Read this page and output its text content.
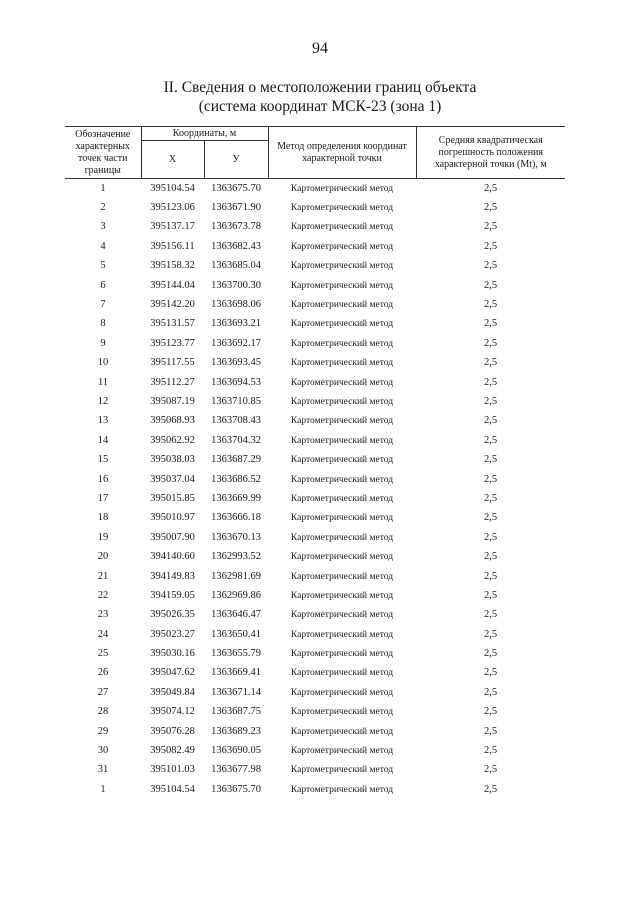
94
II. Сведения о местоположении границ объекта
(система координат МСК-23 (зона 1)
Обозначение характерных точек части границы	Координаты, м		Метод определения координат характерной точки	Средняя квадратическая погрешность положения характерной точки (Mt), м
	X	У		
1	395104.54	1363675.70	Картометрический метод	2,5
2	395123.06	1363671.90	Картометрический метод	2,5
3	395137.17	1363673.78	Картометрический метод	2,5
4	395156.11	1363682.43	Картометрический метод	2,5
5	395158.32	1363685.04	Картометрический метод	2,5
6	395144.04	1363700.30	Картометрический метод	2,5
7	395142.20	1363698.06	Картометрический метод	2,5
8	395131.57	1363693.21	Картометрический метод	2,5
9	395123.77	1363692.17	Картометрический метод	2,5
10	395117.55	1363693.45	Картометрический метод	2,5
11	395112.27	1363694.53	Картометрический метод	2,5
12	395087.19	1363710.85	Картометрический метод	2,5
13	395068.93	1363708.43	Картометрический метод	2,5
14	395062.92	1363704.32	Картометрический метод	2,5
15	395038.03	1363687.29	Картометрический метод	2,5
16	395037.04	1363686.52	Картометрический метод	2,5
17	395015.85	1363669.99	Картометрический метод	2,5
18	395010.97	1363666.18	Картометрический метод	2,5
19	395007.90	1363670.13	Картометрический метод	2,5
20	394140.60	1362993.52	Картометрический метод	2,5
21	394149.83	1362981.69	Картометрический метод	2,5
22	394159.05	1362969.86	Картометрический метод	2,5
23	395026.35	1363646.47	Картометрический метод	2,5
24	395023.27	1363650.41	Картометрический метод	2,5
25	395030.16	1363655.79	Картометрический метод	2,5
26	395047.62	1363669.41	Картометрический метод	2,5
27	395049.84	1363671.14	Картометрический метод	2,5
28	395074.12	1363687.75	Картометрический метод	2,5
29	395076.28	1363689.23	Картометрический метод	2,5
30	395082.49	1363690.05	Картометрический метод	2,5
31	395101.03	1363677.98	Картометрический метод	2,5
1	395104.54	1363675.70	Картометрический метод	2,5
